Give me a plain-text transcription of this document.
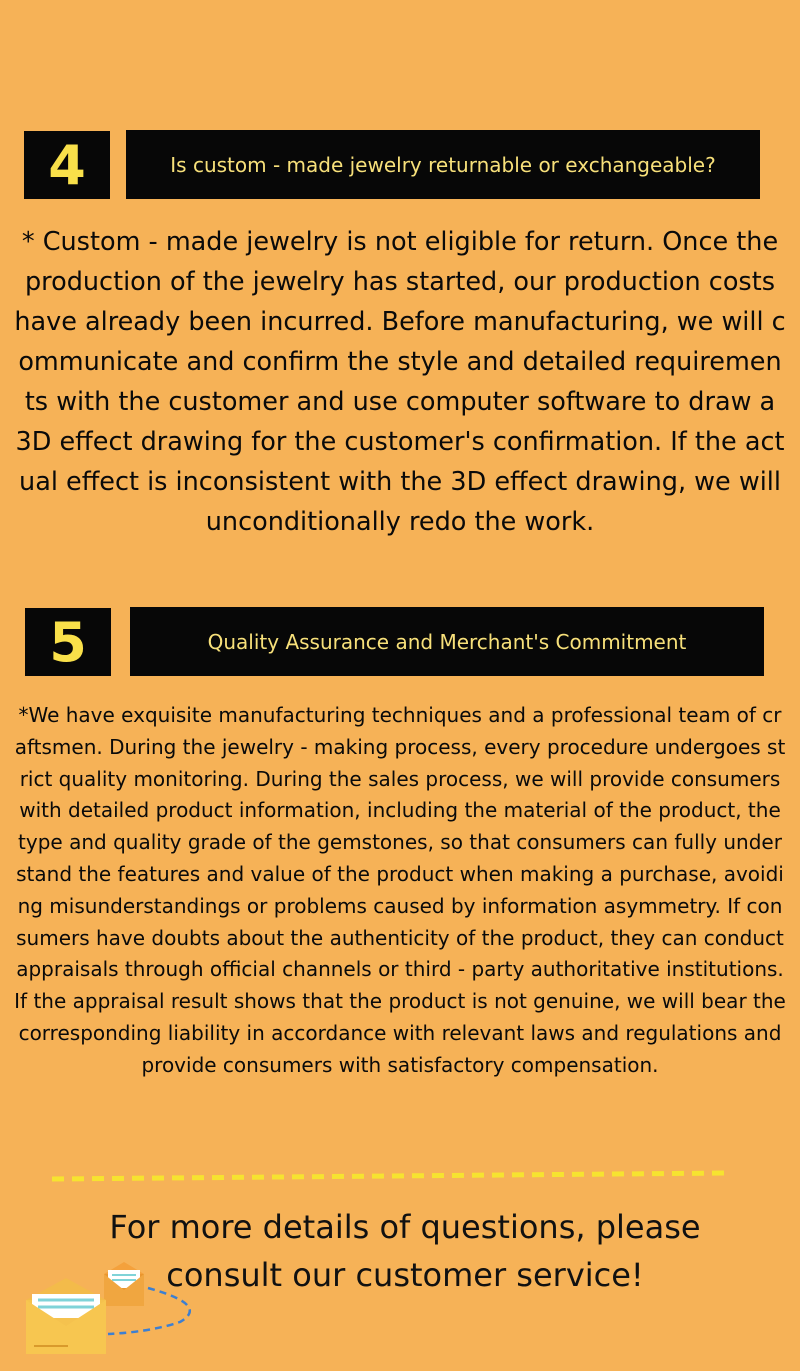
4	Is custom - made jewelry returnable or exchangeable?
* Custom - made jewelry is not eligible for return. Once the production of the jewelry has started, our production costs have already been incurred. Before manufacturing, we will communicate and confirm the style and detailed requirements with the customer and use computer software to draw a 3D effect drawing for the customer's confirmation. If the actual effect is inconsistent with the 3D effect drawing, we will unconditionally redo the work.
5	Quality Assurance and Merchant's Commitment
*We have exquisite manufacturing techniques and a professional team of craftsmen. During the jewelry - making process, every procedure undergoes strict quality monitoring. During the sales process, we will provide consumers with detailed product information, including the material of the product, the type and quality grade of the gemstones, so that consumers can fully understand the features and value of the product when making a purchase, avoiding misunderstandings or problems caused by information asymmetry. If consumers have doubts about the authenticity of the product, they can conduct appraisals through official channels or third - party authoritative institutions. If the appraisal result shows that the product is not genuine, we will bear the corresponding liability in accordance with relevant laws and regulations and provide consumers with satisfactory compensation.
For more details of questions, please consult our customer service!
